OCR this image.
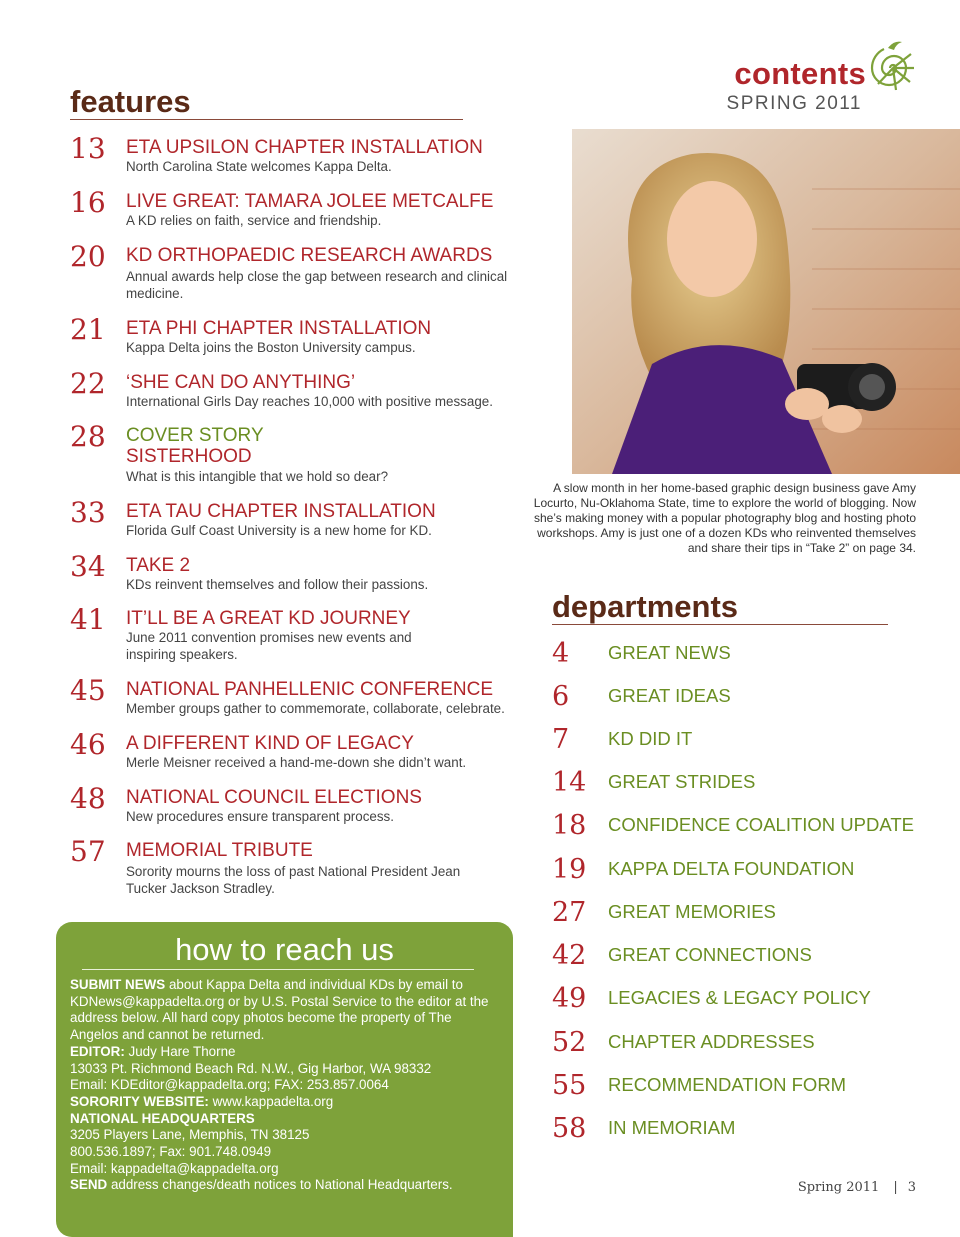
contents
SPRING 2011
features
13 ETA UPSILON CHAPTER INSTALLATION
North Carolina State welcomes Kappa Delta.
16 LIVE GREAT: TAMARA JOLEE METCALFE
A KD relies on faith, service and friendship.
20 KD ORTHOPAEDIC RESEARCH AWARDS
Annual awards help close the gap between research and clinical medicine.
21 ETA PHI CHAPTER INSTALLATION
Kappa Delta joins the Boston University campus.
22 ‘SHE CAN DO ANYTHING’
International Girls Day reaches 10,000 with positive message.
28 COVER STORY
SISTERHOOD
What is this intangible that we hold so dear?
33 ETA TAU CHAPTER INSTALLATION
Florida Gulf Coast University is a new home for KD.
34 TAKE 2
KDs reinvent themselves and follow their passions.
41 IT’LL BE A GREAT KD JOURNEY
June 2011 convention promises new events and inspiring speakers.
45 NATIONAL PANHELLENIC CONFERENCE
Member groups gather to commemorate, collaborate, celebrate.
46 A DIFFERENT KIND OF LEGACY
Merle Meisner received a hand-me-down she didn’t want.
48 NATIONAL COUNCIL ELECTIONS
New procedures ensure transparent process.
57 MEMORIAL TRIBUTE
Sorority mourns the loss of past National President Jean Tucker Jackson Stradley.
A slow month in her home-based graphic design business gave Amy Locurto, Nu-Oklahoma State, time to explore the world of blogging. Now she’s making money with a popular photography blog and hosting photo workshops. Amy is just one of a dozen KDs who reinvented themselves and share their tips in “Take 2” on page 34.
departments
4 GREAT NEWS
6 GREAT IDEAS
7 KD DID IT
14 GREAT STRIDES
18 CONFIDENCE COALITION UPDATE
19 KAPPA DELTA FOUNDATION
27 GREAT MEMORIES
42 GREAT CONNECTIONS
49 LEGACIES & LEGACY POLICY
52 CHAPTER ADDRESSES
55 RECOMMENDATION FORM
58 IN MEMORIAM
how to reach us
SUBMIT NEWS about Kappa Delta and individual KDs by email to KDNews@kappadelta.org or by U.S. Postal Service to the editor at the address below. All hard copy photos become the property of The Angelos and cannot be returned.
EDITOR: Judy Hare Thorne
13033 Pt. Richmond Beach Rd. N.W., Gig Harbor, WA 98332
Email: KDEditor@kappadelta.org; FAX: 253.857.0064
SORORITY WEBSITE: www.kappadelta.org
NATIONAL HEADQUARTERS
3205 Players Lane, Memphis, TN 38125
800.536.1897; Fax: 901.748.0949
Email: kappadelta@kappadelta.org
SEND address changes/death notices to National Headquarters.	Spring 2011 | 3
